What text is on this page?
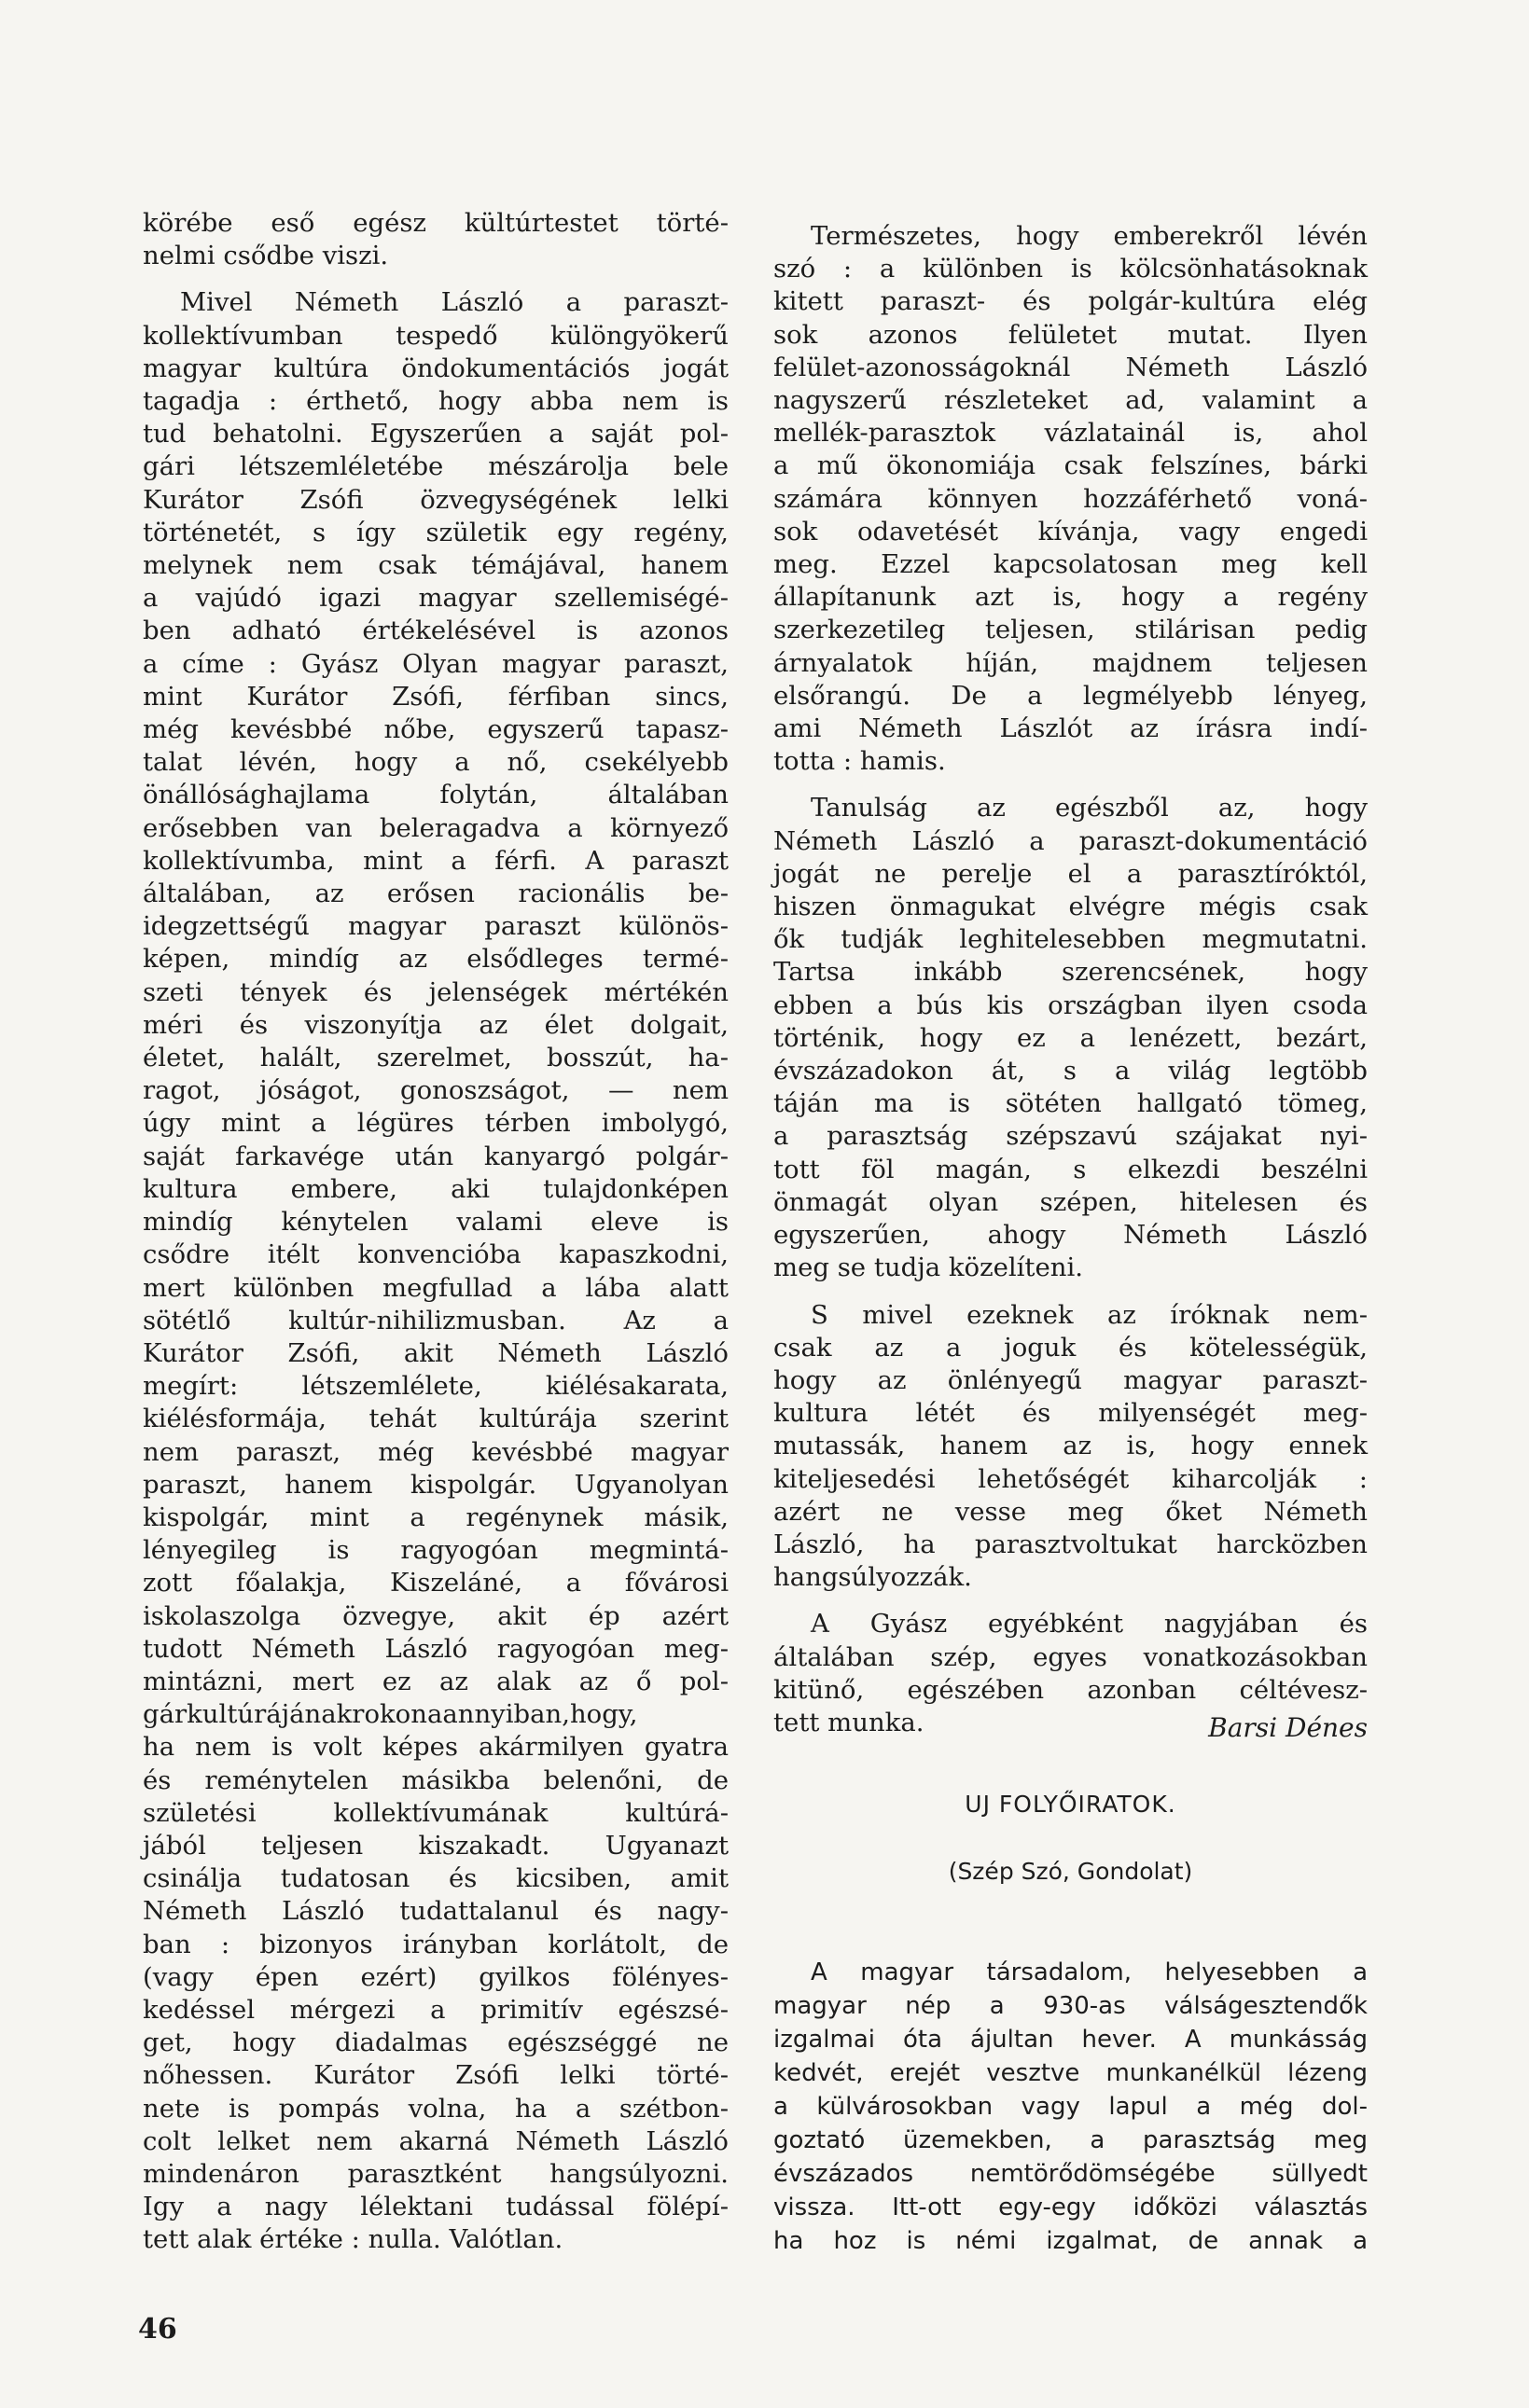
körébe eső egész kültúrtestet törté-
nelmi csődbe viszi.
Mivel Németh László a paraszt-
kollektívumban tespedő különgyökerű
magyar kultúra öndokumentációs jogát
tagadja : érthető, hogy abba nem is
tud behatolni. Egyszerűen a saját pol-
gári létszemléletébe mészárolja bele
Kurátor Zsófi özvegységének lelki
történetét, s így születik egy regény,
melynek nem csak témájával, hanem
a vajúdó igazi magyar szellemiségé-
ben adható értékelésével is azonos
a címe : Gyász Olyan magyar paraszt,
mint Kurátor Zsófi, férfiban sincs,
még kevésbbé nőbe, egyszerű tapasz-
talat lévén, hogy a nő, csekélyebb
önállósághajlama folytán, általában
erősebben van beleragadva a környező
kollektívumba, mint a férfi. A paraszt
általában, az erősen racionális be-
idegzettségű magyar paraszt különös-
képen, mindíg az elsődleges termé-
szeti tények és jelenségek mértékén
méri és viszonyítja az élet dolgait,
életet, halált, szerelmet, bosszút, ha-
ragot, jóságot, gonoszságot, — nem
úgy mint a légüres térben imbolygó,
saját farkavége után kanyargó polgár-
kultura embere, aki tulajdonképen
mindíg kénytelen valami eleve is
csődre itélt konvencióba kapaszkodni,
mert különben megfullad a lába alatt
sötétlő kultúr-nihilizmusban. Az a
Kurátor Zsófi, akit Németh László
megírt: létszemlélete, kiélésakarata,
kiélésformája, tehát kultúrája szerint
nem paraszt, még kevésbbé magyar
paraszt, hanem kispolgár. Ugyanolyan
kispolgár, mint a regénynek másik,
lényegileg is ragyogóan megmintá-
zott főalakja, Kiszeláné, a fővárosi
iskolaszolga özvegye, akit ép azért
tudott Németh László ragyogóan meg-
mintázni, mert ez az alak az ő pol-
gárkultúrájánakrokonaannyiban,hogy,
ha nem is volt képes akármilyen gyatra
és reménytelen másikba belenőni, de
születési kollektívumának kultúrá-
jából teljesen kiszakadt. Ugyanazt
csinálja tudatosan és kicsiben, amit
Németh László tudattalanul és nagy-
ban : bizonyos irányban korlátolt, de
(vagy épen ezért) gyilkos fölényes-
kedéssel mérgezi a primitív egészsé-
get, hogy diadalmas egészséggé ne
nőhessen. Kurátor Zsófi lelki törté-
nete is pompás volna, ha a szétbon-
colt lelket nem akarná Németh László
mindenáron parasztként hangsúlyozni.
Igy a nagy lélektani tudással fölépí-
tett alak értéke : nulla. Valótlan.
Természetes, hogy emberekről lévén
szó : a különben is kölcsönhatásoknak
kitett paraszt- és polgár-kultúra elég
sok azonos felületet mutat. Ilyen
felület-azonosságoknál Németh László
nagyszerű részleteket ad, valamint a
mellék-parasztok vázlatainál is, ahol
a mű ökonomiája csak felszínes, bárki
számára könnyen hozzáférhető voná-
sok odavetését kívánja, vagy engedi
meg. Ezzel kapcsolatosan meg kell
állapítanunk azt is, hogy a regény
szerkezetileg teljesen, stilárisan pedig
árnyalatok híján, majdnem teljesen
elsőrangú. De a legmélyebb lényeg,
ami Németh Lászlót az írásra indí-
totta : hamis.
Tanulság az egészből az, hogy
Németh László a paraszt-dokumentáció
jogát ne perelje el a parasztíróktól,
hiszen önmagukat elvégre mégis csak
ők tudják leghitelesebben megmutatni.
Tartsa inkább szerencsének, hogy
ebben a bús kis országban ilyen csoda
történik, hogy ez a lenézett, bezárt,
évszázadokon át, s a világ legtöbb
táján ma is sötéten hallgató tömeg,
a parasztság szépszavú szájakat nyi-
tott föl magán, s elkezdi beszélni
önmagát olyan szépen, hitelesen és
egyszerűen, ahogy Németh László
meg se tudja közelíteni.
S mivel ezeknek az íróknak nem-
csak az a joguk és kötelességük,
hogy az önlényegű magyar paraszt-
kultura létét és milyenségét meg-
mutassák, hanem az is, hogy ennek
kiteljesedési lehetőségét kiharcolják :
azért ne vesse meg őket Németh
László, ha parasztvoltukat harcközben
hangsúlyozzák.
A Gyász egyébként nagyjában és
általában szép, egyes vonatkozásokban
kitünő, egészében azonban céltévesz-
tett munka.	Barsi Dénes
UJ FOLYŐIRATOK.
(Szép Szó, Gondolat)
A magyar társadalom, helyesebben a
magyar nép a 930-as válságesztendők
izgalmai óta ájultan hever. A munkásság
kedvét, erejét vesztve munkanélkül lézeng
a külvárosokban vagy lapul a még dol-
goztató üzemekben, a parasztság meg
évszázados nemtörődömségébe süllyedt
vissza. Itt-ott egy-egy időközi választás
ha hoz is némi izgalmat, de annak a
46
